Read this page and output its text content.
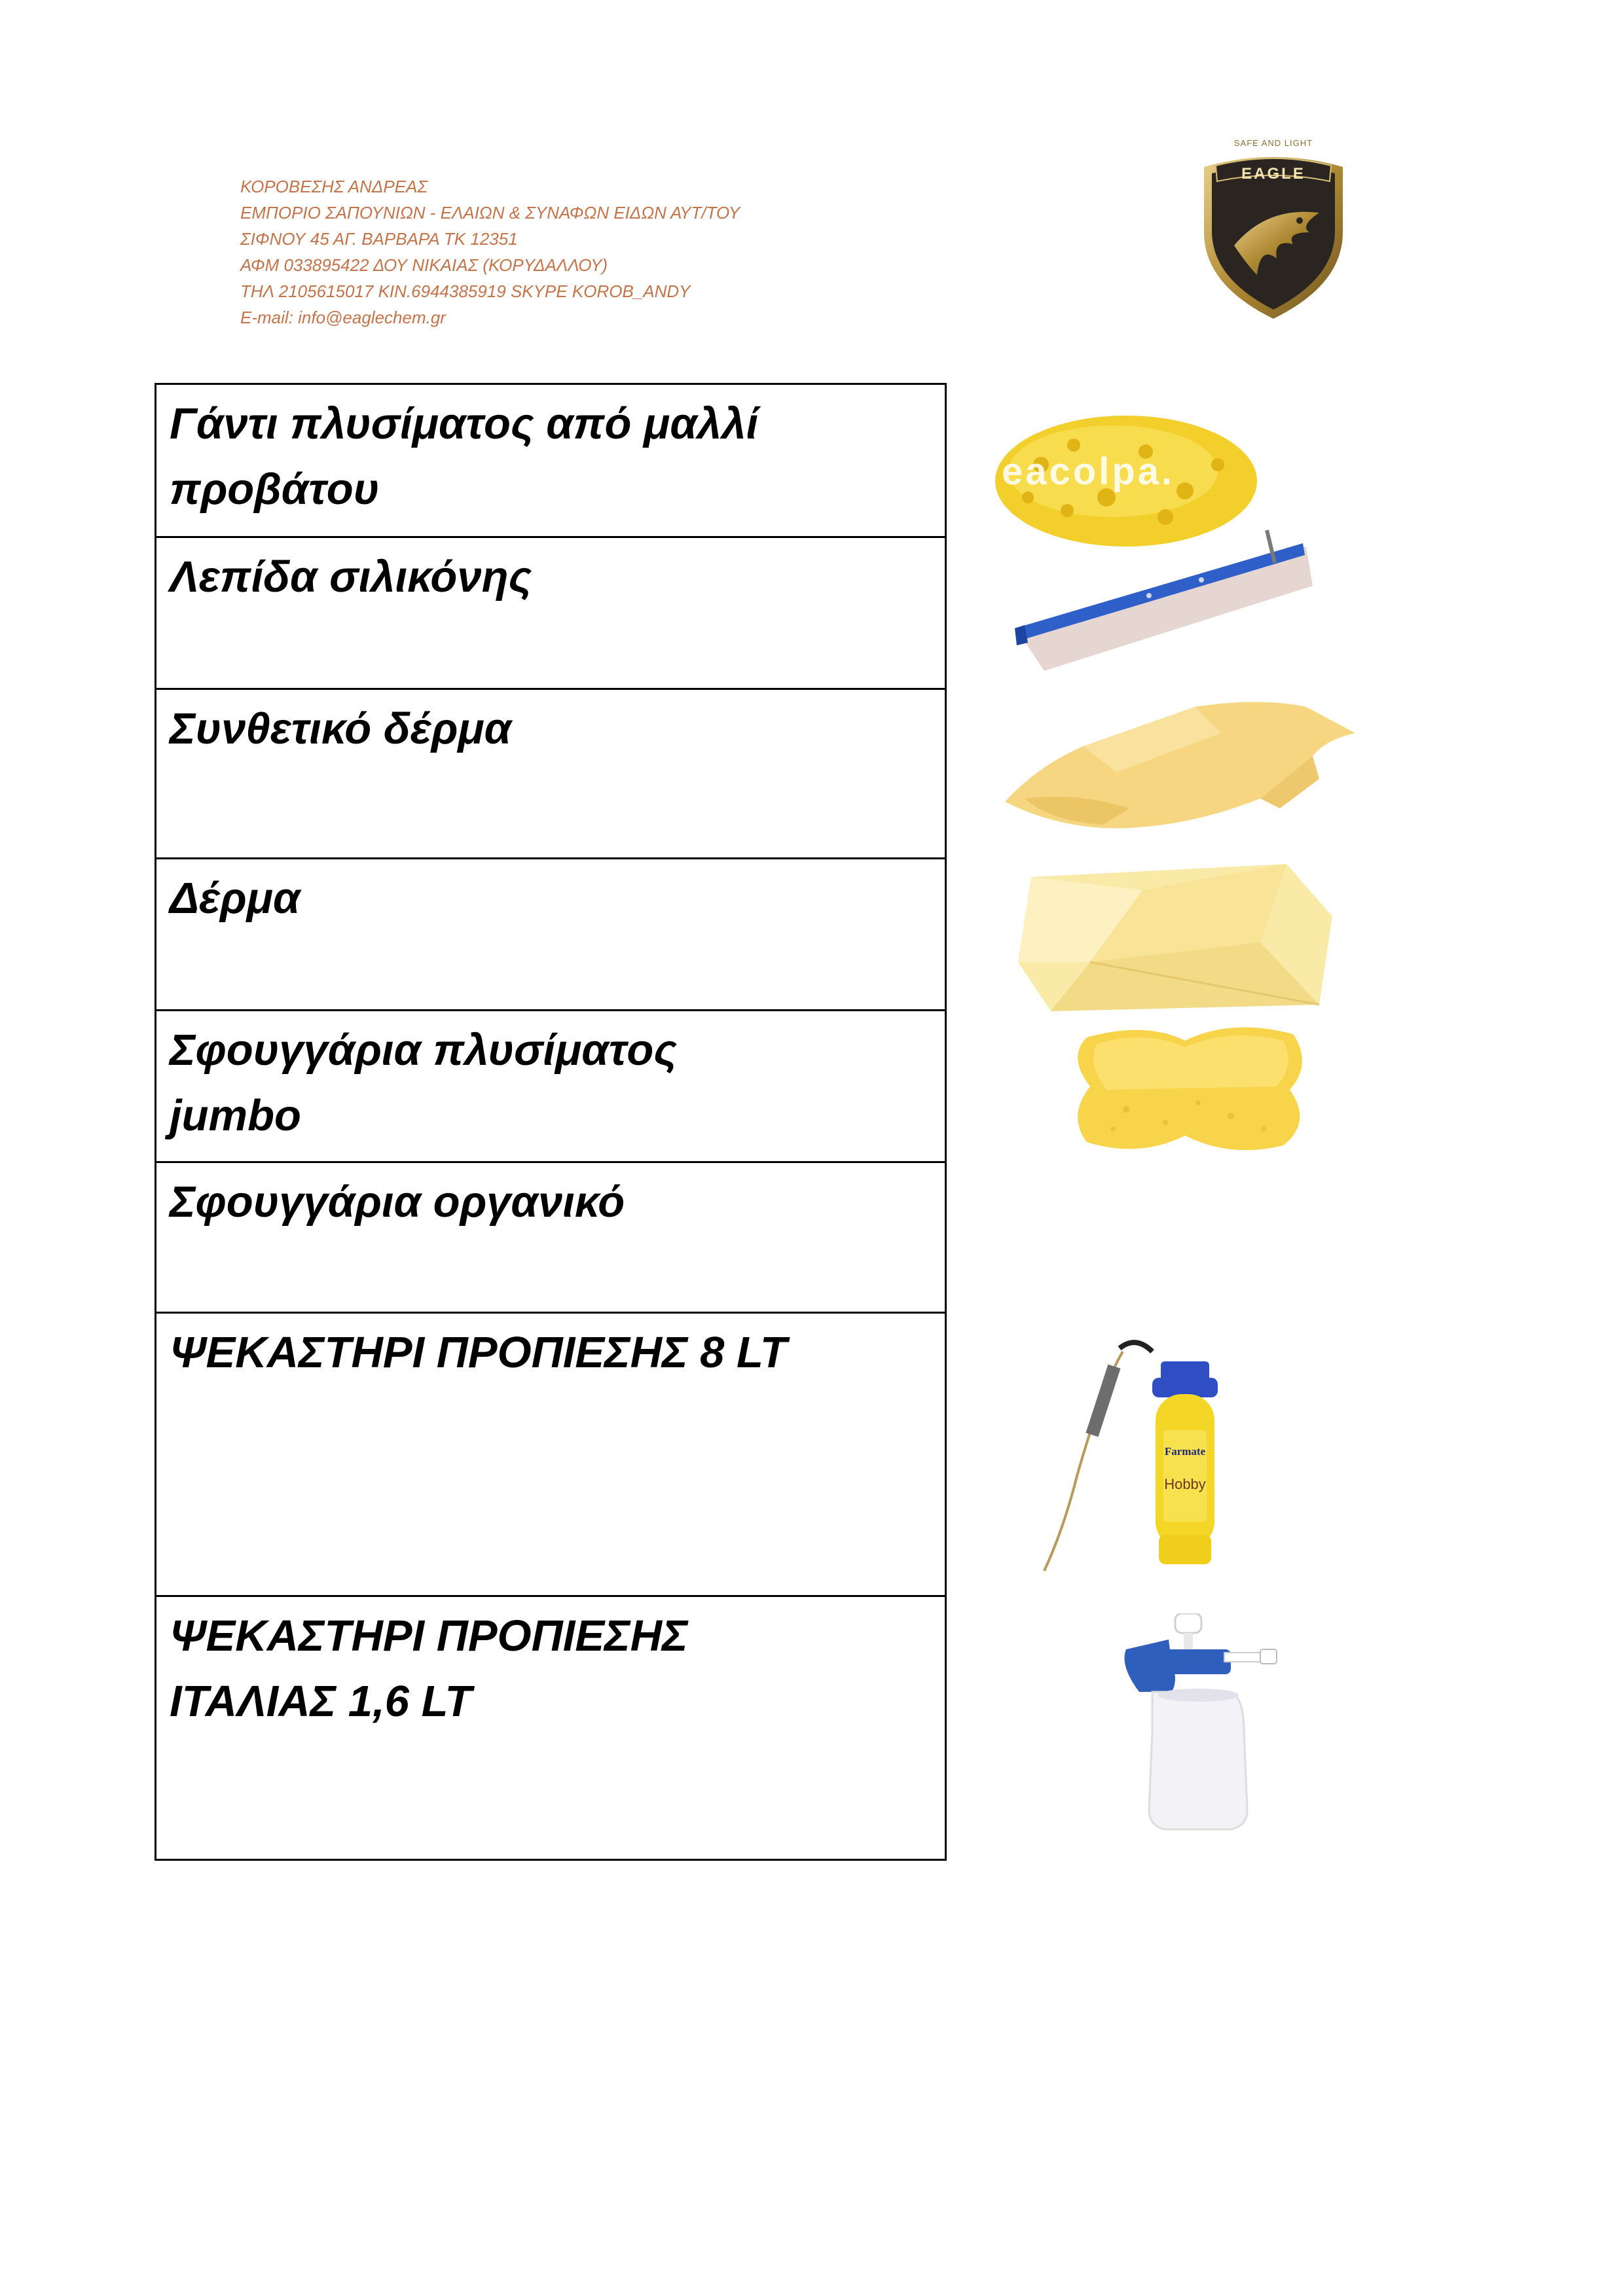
ΚΟΡΟΒΕΣΗΣ ΑΝΔΡΕΑΣ
ΕΜΠΟΡΙΟ ΣΑΠΟΥΝΙΩΝ - ΕΛΑΙΩΝ & ΣΥΝΑΦΩΝ ΕΙΔΩΝ ΑΥΤ/ΤΟΥ
ΣΙΦΝΟΥ 45 ΑΓ. ΒΑΡΒΑΡΑ ΤΚ 12351
ΑΦΜ 033895422 ΔΟΥ ΝΙΚΑΙΑΣ (ΚΟΡΥΔΑΛΛΟΥ)
ΤΗΛ 2105615017 ΚΙΝ.6944385919 SKYPE KOROB_ANDY
E-mail: info@eaglechem.gr
SAFE AND LIGHT
EAGLE
Γάντι πλυσίματος από μαλλί
προβάτου

Λεπίδα σιλικόνης

Συνθετικό δέρμα

Δέρμα

Σφουγγάρια πλυσίματος
jumbo

Σφουγγάρια οργανικό

ΨΕΚΑΣΤΗΡΙ ΠΡΟΠΙΕΣΗΣ 8 LT

ΨΕΚΑΣΤΗΡΙ ΠΡΟΠΙΕΣΗΣ
ΙΤΑΛΙΑΣ 1,6 LT
eacolpa.
Farmate
Hobby
